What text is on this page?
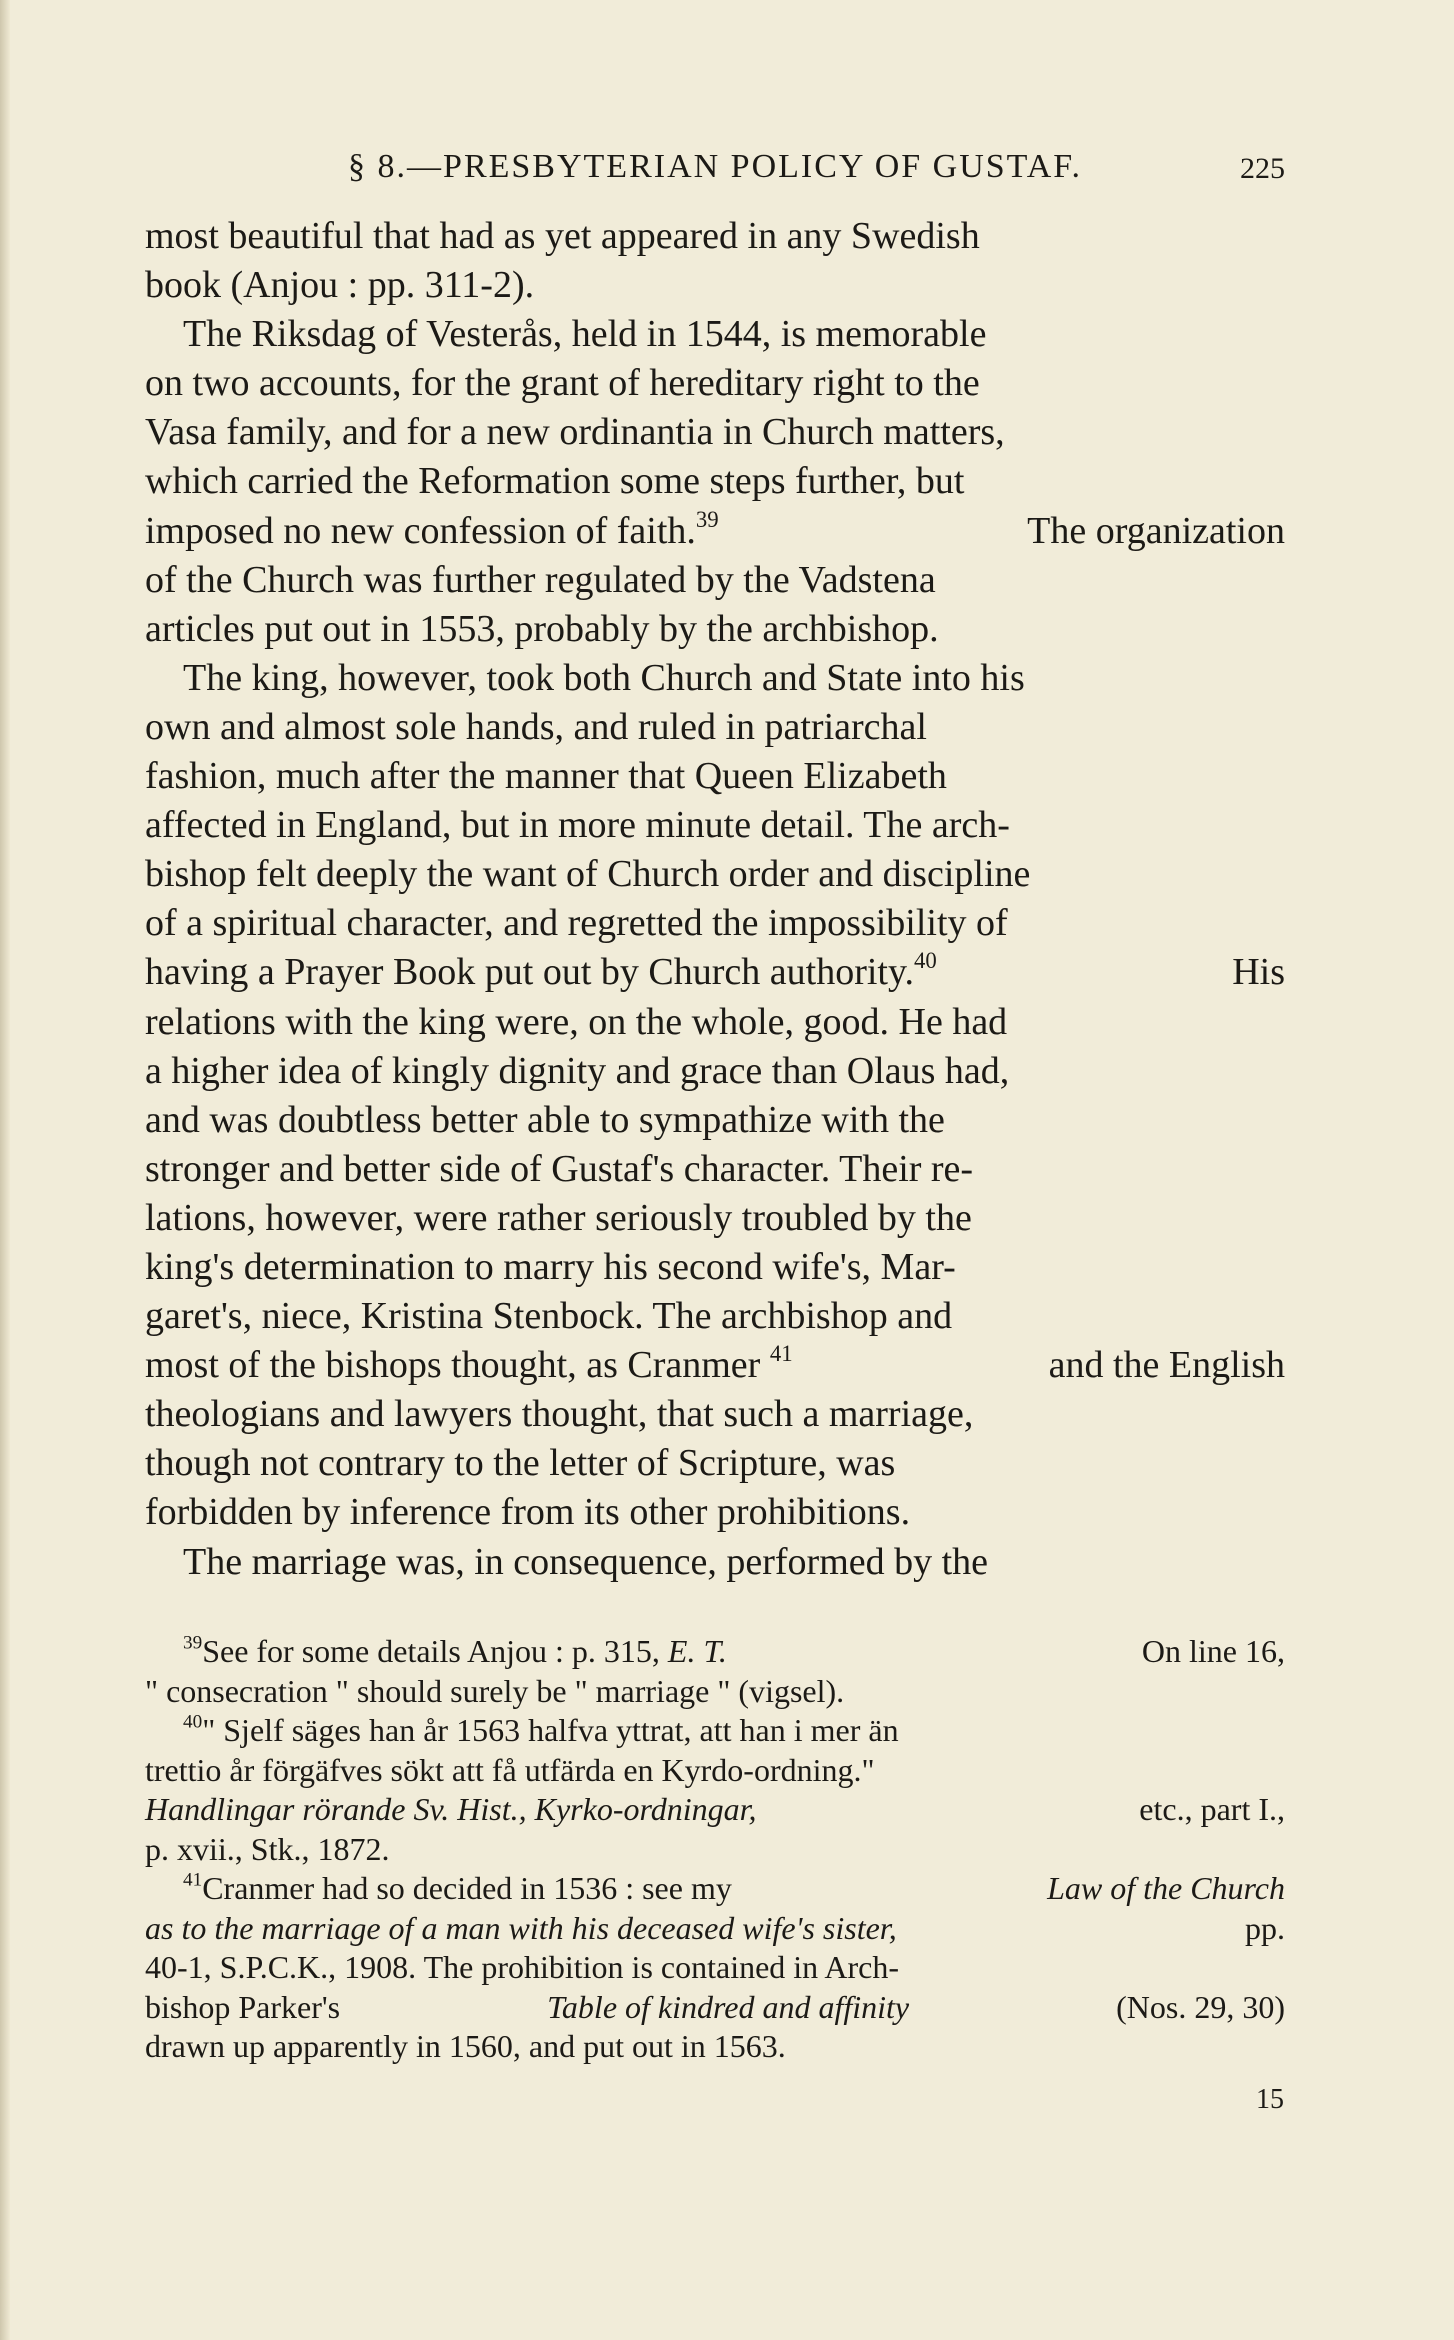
§ 8.—PRESBYTERIAN POLICY OF GUSTAF.	225
most beautiful that had as yet appeared in any Swedish
book (Anjou : pp. 311-2).
The Riksdag of Vesterås, held in 1544, is memorable
on two accounts, for the grant of hereditary right to the
Vasa family, and for a new ordinantia in Church matters,
which carried the Reformation some steps further, but
imposed no new confession of faith.$^{39}$	The organization
of the Church was further regulated by the Vadstena
articles put out in 1553, probably by the archbishop.
The king, however, took both Church and State into his
own and almost sole hands, and ruled in patriarchal
fashion, much after the manner that Queen Elizabeth
affected in England, but in more minute detail. The arch-
bishop felt deeply the want of Church order and discipline
of a spiritual character, and regretted the impossibility of
having a Prayer Book put out by Church authority.$^{40}$	His
relations with the king were, on the whole, good. He had
a higher idea of kingly dignity and grace than Olaus had,
and was doubtless better able to sympathize with the
stronger and better side of Gustaf's character. Their re-
lations, however, were rather seriously troubled by the
king's determination to marry his second wife's, Mar-
garet's, niece, Kristina Stenbock. The archbishop and
most of the bishops thought, as Cranmer $^{41}$	and the English
theologians and lawyers thought, that such a marriage,
though not contrary to the letter of Scripture, was
forbidden by inference from its other prohibitions.
The marriage was, in consequence, performed by the
$^{39}$See for some details Anjou : p. 315, E. T.	On line 16,
" consecration " should surely be " marriage " (vigsel).
$^{40}$" Sjelf säges han år 1563 halfva yttrat, att han i mer än
trettio år förgäfves sökt att få utfärda en Kyrdo-ordning."
Handlingar rörande Sv. Hist., Kyrko-ordningar,	etc., part I.,
p. xvii., Stk., 1872.
$^{41}$Cranmer had so decided in 1536 : see my	Law of the Church
as to the marriage of a man with his deceased wife's sister,	pp.
40-1, S.P.C.K., 1908. The prohibition is contained in Arch-
bishop Parker's	Table of kindred and affinity	(Nos. 29, 30)
drawn up apparently in 1560, and put out in 1563.
15
